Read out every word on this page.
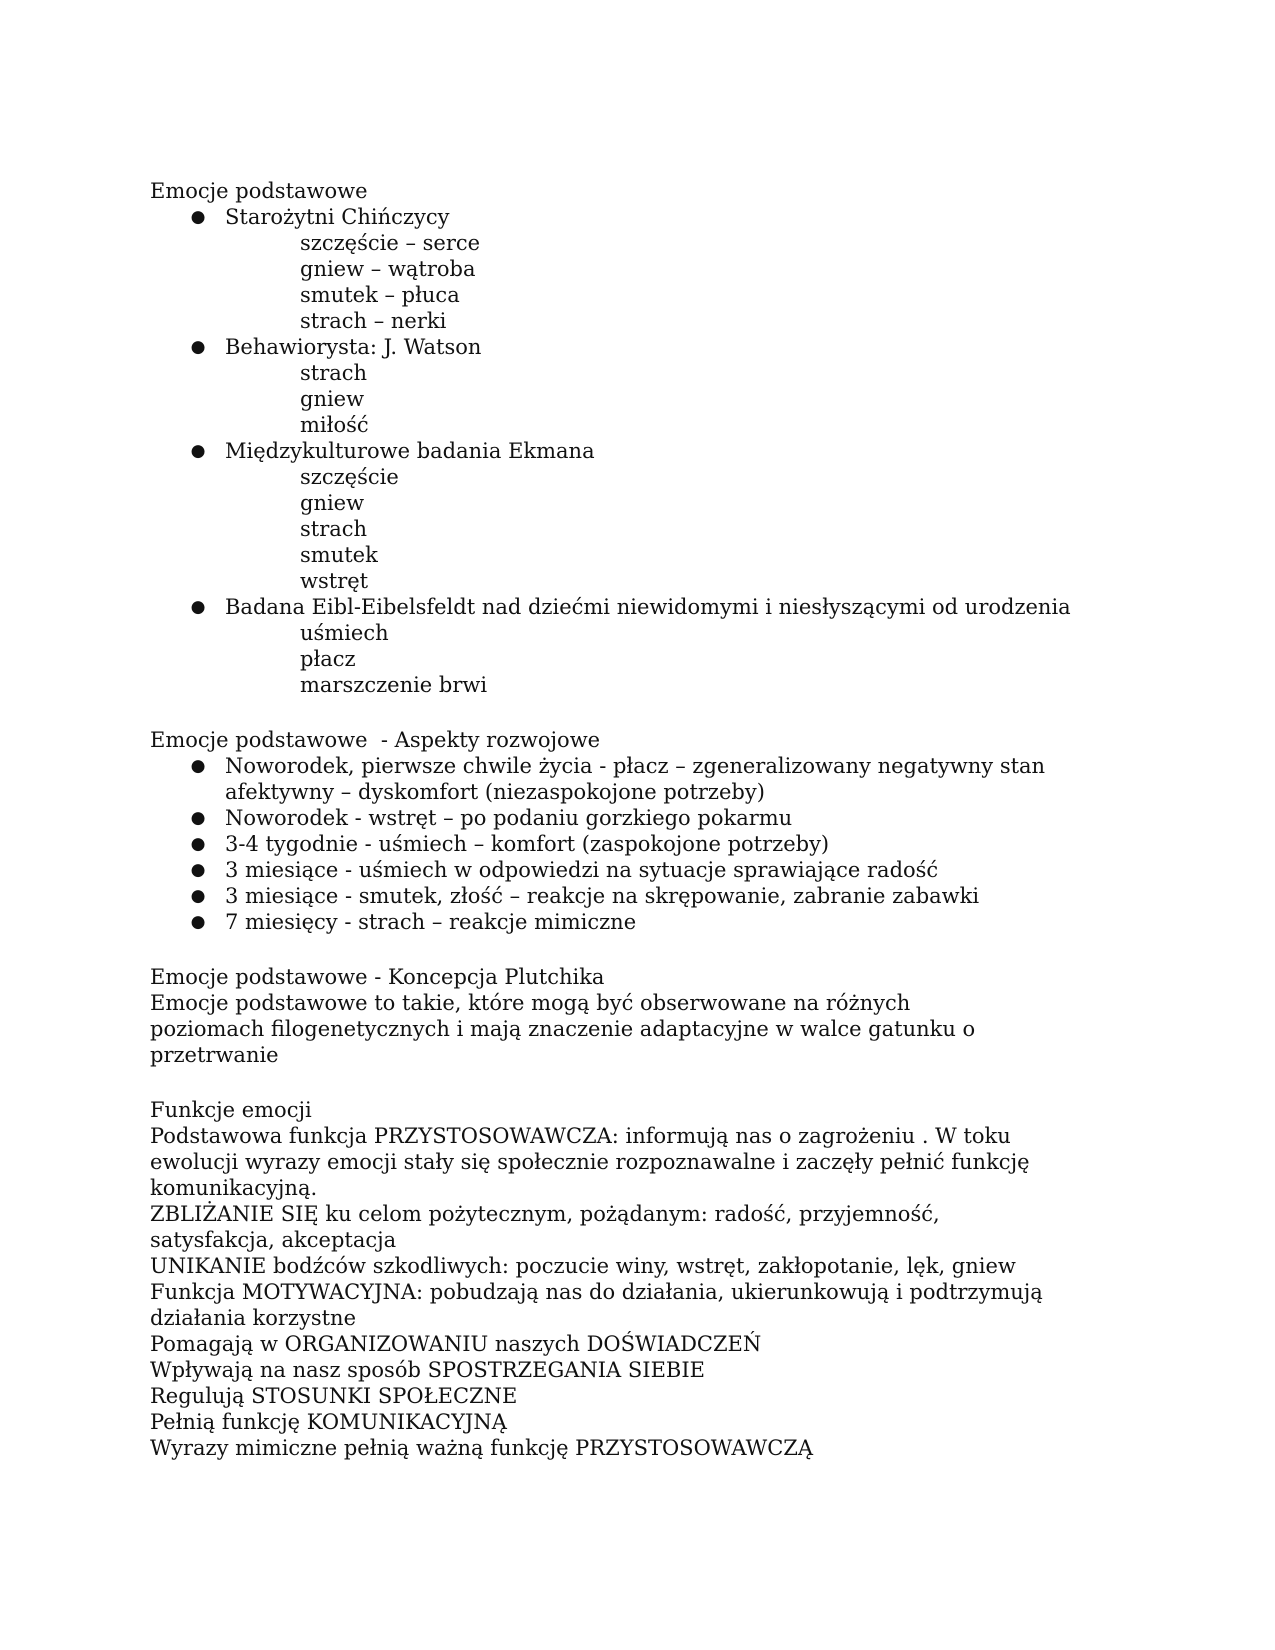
Emocje podstawowe
● Starożytni Chińczycy
szczęście – serce
gniew – wątroba
smutek – płuca
strach – nerki
● Behawiorysta: J. Watson
strach
gniew
miłość
● Międzykulturowe badania Ekmana
szczęście
gniew
strach
smutek
wstręt
● Badana Eibl-Eibelsfeldt nad dziećmi niewidomymi i niesłyszącymi od urodzenia
uśmiech
płacz
marszczenie brwi
Emocje podstawowe  - Aspekty rozwojowe
● Noworodek, pierwsze chwile życia - płacz – zgeneralizowany negatywny stan afektywny – dyskomfort (niezaspokojone potrzeby)
● Noworodek - wstręt – po podaniu gorzkiego pokarmu
● 3-4 tygodnie - uśmiech – komfort (zaspokojone potrzeby)
● 3 miesiące - uśmiech w odpowiedzi na sytuacje sprawiające radość
● 3 miesiące - smutek, złość – reakcje na skrępowanie, zabranie zabawki
● 7 miesięcy - strach – reakcje mimiczne
Emocje podstawowe - Koncepcja Plutchika
Emocje podstawowe to takie, które mogą być obserwowane na różnych poziomach filogenetycznych i mają znaczenie adaptacyjne w walce gatunku o przetrwanie
Funkcje emocji
Podstawowa funkcja PRZYSTOSOWAWCZA: informują nas o zagrożeniu . W toku ewolucji wyrazy emocji stały się społecznie rozpoznawalne i zaczęły pełnić funkcję komunikacyjną.
ZBLIŻANIE SIĘ ku celom pożytecznym, pożądanym: radość, przyjemność, satysfakcja, akceptacja
UNIKANIE bodźców szkodliwych: poczucie winy, wstręt, zakłopotanie, lęk, gniew
Funkcja MOTYWACYJNA: pobudzają nas do działania, ukierunkowują i podtrzymują działania korzystne
Pomagają w ORGANIZOWANIU naszych DOŚWIADCZEŃ
Wpływają na nasz sposób SPOSTRZEGANIA SIEBIE
Regulują STOSUNKI SPOŁECZNE
Pełnią funkcję KOMUNIKACYJNĄ
Wyrazy mimiczne pełnią ważną funkcję PRZYSTOSOWAWCZĄ
